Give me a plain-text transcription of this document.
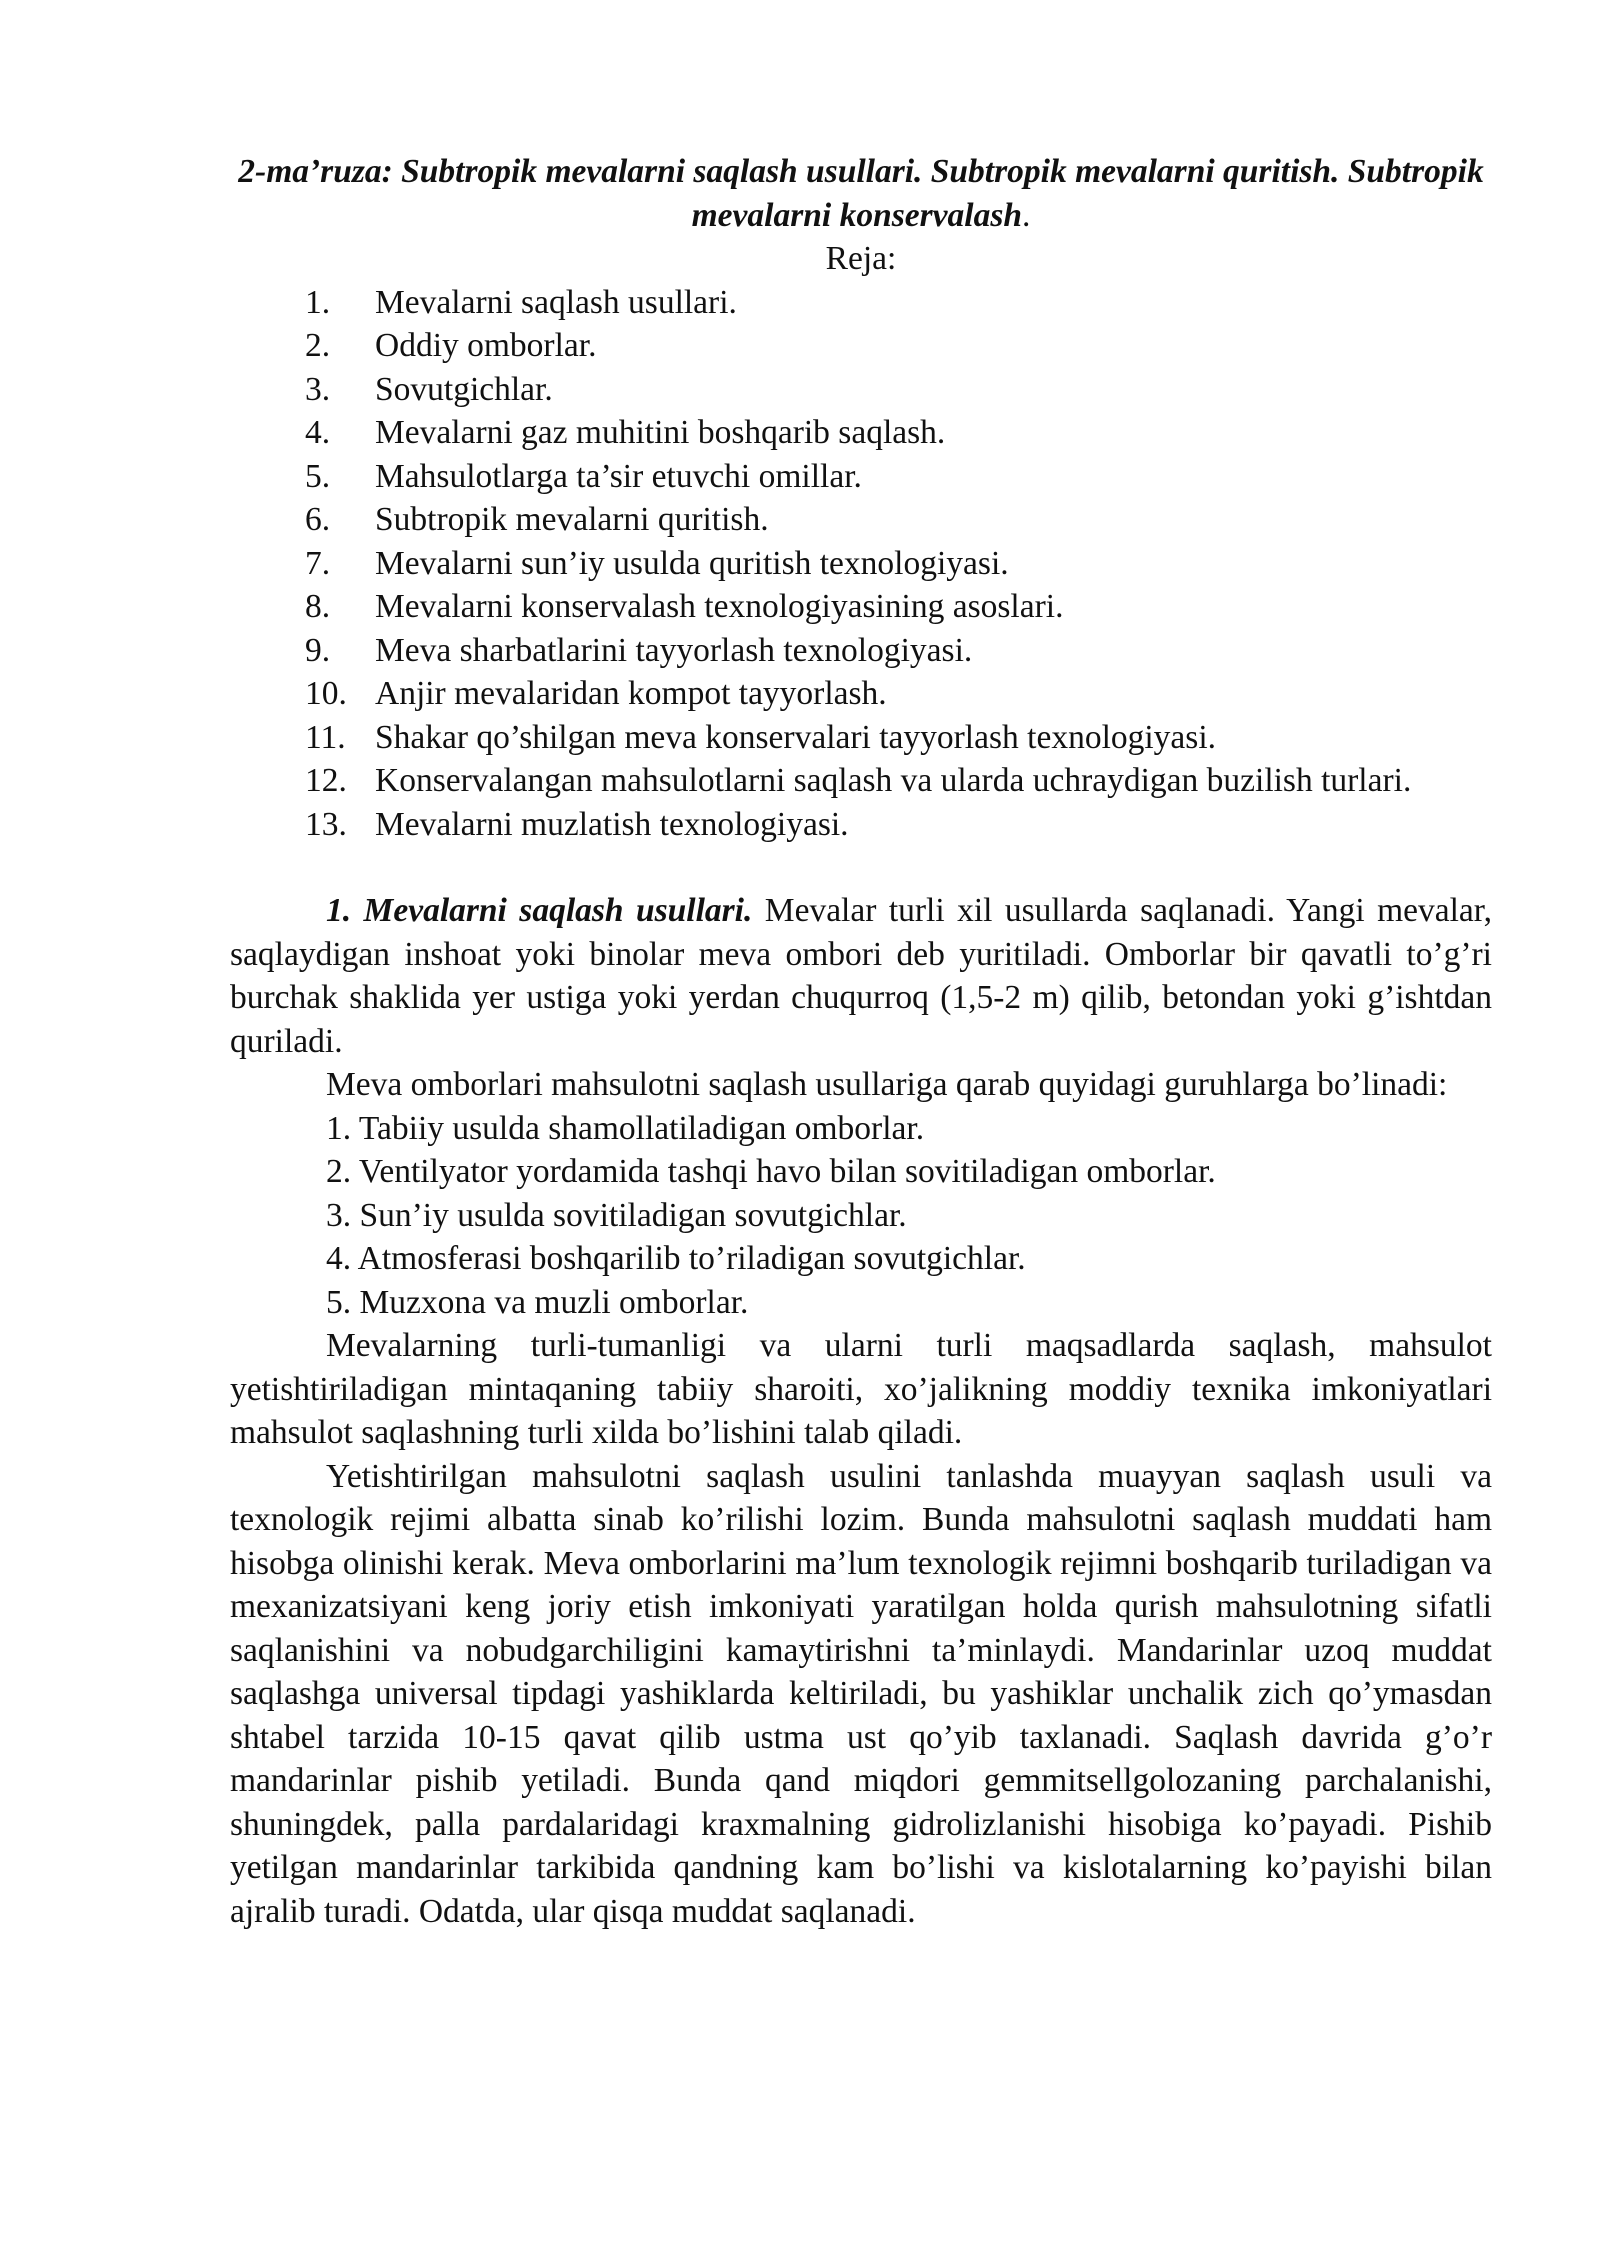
2-ma’ruza: Subtropik mevalarni saqlash usullari. Subtropik mevalarni quritish. Subtropik mevalarni konservalash.

Reja:

1.	Mevalarni saqlash usullari.
2.	Oddiy omborlar.
3.	Sovutgichlar.
4.	Mevalarni gaz muhitini boshqarib saqlash.
5.	Mahsulotlarga ta’sir etuvchi omillar.
6.	Subtropik mevalarni quritish.
7.	Mevalarni sun’iy usulda quritish texnologiyasi.
8.	Mevalarni konservalash texnologiyasining asoslari.
9.	Meva sharbatlarini tayyorlash texnologiyasi.
10. Anjir mevalaridan kompot tayyorlash.
11. Shakar qo’shilgan meva konservalari tayyorlash texnologiyasi.
12. Konservalangan mahsulotlarni saqlash va ularda uchraydigan buzilish turlari.
13. Mevalarni muzlatish texnologiyasi.

1. Mevalarni saqlash usullari. Mevalar turli xil usullarda saqlanadi. Yangi mevalar, saqlaydigan inshoat yoki binolar meva ombori deb yuritiladi. Omborlar bir qavatli to’g’ri burchak shaklida yer ustiga yoki yerdan chuqurroq (1,5-2 m) qilib, betondan yoki g’ishtdan quriladi.

Meva omborlari mahsulotni saqlash usullariga qarab quyidagi guruhlarga bo’linadi:

1. Tabiiy usulda shamollatiladigan omborlar.
2. Ventilyator yordamida tashqi havo bilan sovitiladigan omborlar.
3. Sun’iy usulda sovitiladigan sovutgichlar.
4. Atmosferasi boshqarilib to’riladigan sovutgichlar.
5. Muzxona va muzli omborlar.

Mevalarning turli-tumanligi va ularni turli maqsadlarda saqlash, mahsulot yetishtiriladigan mintaqaning tabiiy sharoiti, xo’jalikning moddiy texnika imkoniyatlari mahsulot saqlashning turli xilda bo’lishini talab qiladi.

Yetishtirilgan mahsulotni saqlash usulini tanlashda muayyan saqlash usuli va texnologik rejimi albatta sinab ko’rilishi lozim. Bunda mahsulotni saqlash muddati ham hisobga olinishi kerak. Meva omborlarini ma’lum texnologik rejimni boshqarib turiladigan va mexanizatsiyani keng joriy etish imkoniyati yaratilgan holda qurish mahsulotning sifatli saqlanishini va nobudgarchiligini kamaytirishni ta’minlaydi. Mandarinlar uzoq muddat saqlashga universal tipdagi yashiklarda keltiriladi, bu yashiklar unchalik zich qo’ymasdan shtabel tarzida 10-15 qavat qilib ustma ust qo’yib taxlanadi. Saqlash davrida g’o’r mandarinlar pishib yetiladi. Bunda qand miqdori gemmitsellgolozaning parchalanishi, shuningdek, palla pardalaridagi kraxmalning gidrolizlanishi hisobiga ko’payadi. Pishib yetilgan mandarinlar tarkibida qandning kam bo’lishi va kislotalarning ko’payishi bilan ajralib turadi. Odatda, ular qisqa muddat saqlanadi.
